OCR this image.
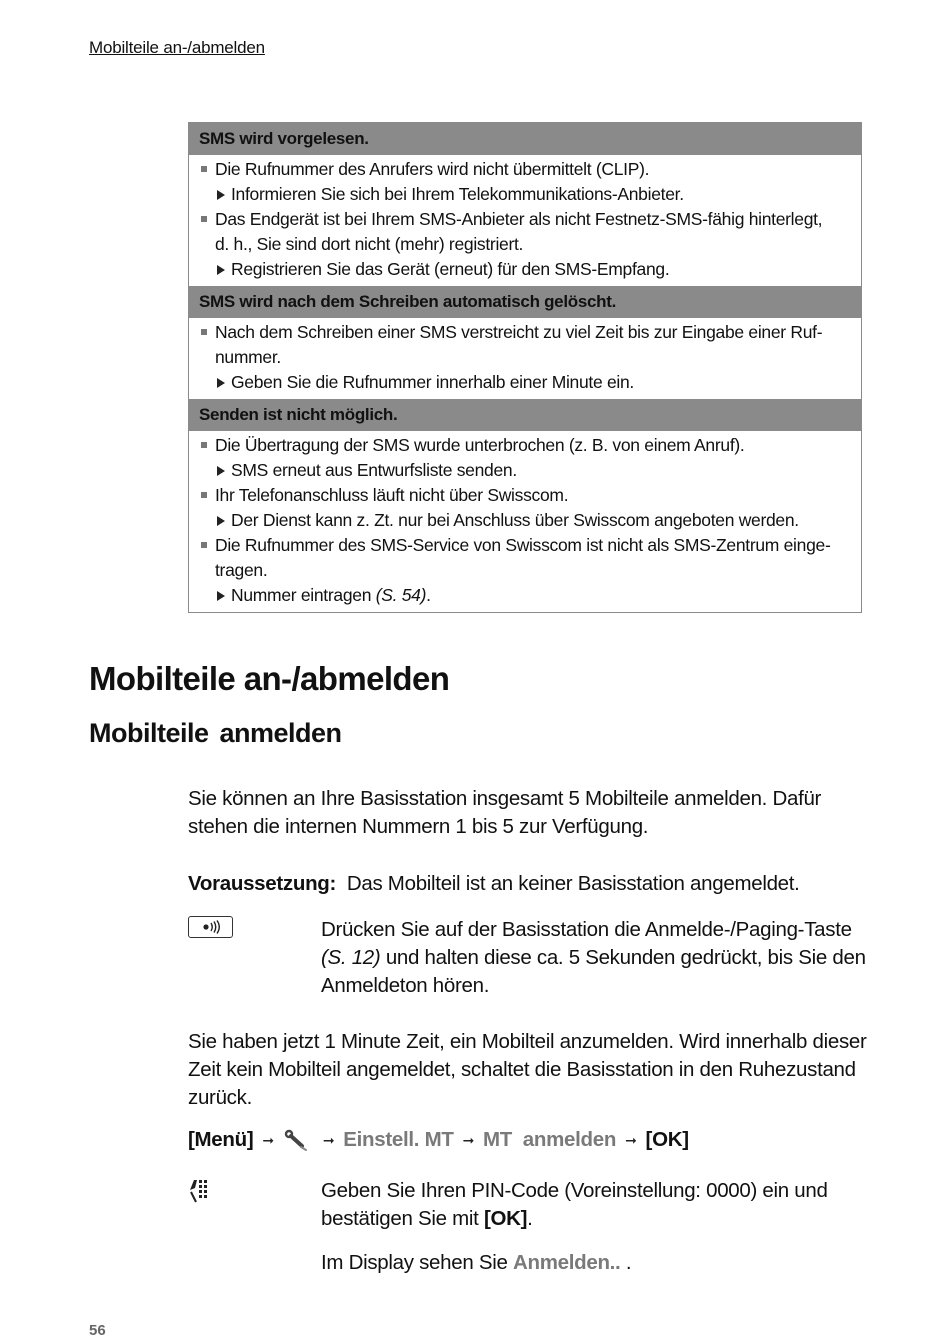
Mobilteile an-/abmelden
SMS wird vorgelesen.
Die Rufnummer des Anrufers wird nicht übermittelt (CLIP).
Informieren Sie sich bei Ihrem Telekommunikations-Anbieter.
Das Endgerät ist bei Ihrem SMS-Anbieter als nicht Festnetz-SMS-fähig hinterlegt,
d. h., Sie sind dort nicht (mehr) registriert.
Registrieren Sie das Gerät (erneut) für den SMS-Empfang.
SMS wird nach dem Schreiben automatisch gelöscht.
Nach dem Schreiben einer SMS verstreicht zu viel Zeit bis zur Eingabe einer Ruf-
nummer.
Geben Sie die Rufnummer innerhalb einer Minute ein.
Senden ist nicht möglich.
Die Übertragung der SMS wurde unterbrochen (z. B. von einem Anruf).
SMS erneut aus Entwurfsliste senden.
Ihr Telefonanschluss läuft nicht über Swisscom.
Der Dienst kann z. Zt. nur bei Anschluss über Swisscom angeboten werden.
Die Rufnummer des SMS-Service von Swisscom ist nicht als SMS-Zentrum einge-
tragen.
Nummer eintragen (S. 54).
Mobilteile an-/abmelden
Mobilteile anmelden
Sie können an Ihre Basisstation insgesamt 5 Mobilteile anmelden. Dafür
stehen die internen Nummern 1 bis 5 zur Verfügung.
Voraussetzung: Das Mobilteil ist an keiner Basisstation angemeldet.
Drücken Sie auf der Basisstation die Anmelde-/Paging-Taste
(S. 12) und halten diese ca. 5 Sekunden gedrückt, bis Sie den
Anmeldeton hören.
Sie haben jetzt 1 Minute Zeit, ein Mobilteil anzumelden. Wird innerhalb dieser
Zeit kein Mobilteil angemeldet, schaltet die Basisstation in den Ruhezustand
zurück.
[Menü] ➞	➞ Einstell. MT ➞ MT  anmelden ➞ [OK]
Geben Sie Ihren PIN-Code (Voreinstellung: 0000) ein und
bestätigen Sie mit [OK].
Im Display sehen Sie Anmelden.. .
56
